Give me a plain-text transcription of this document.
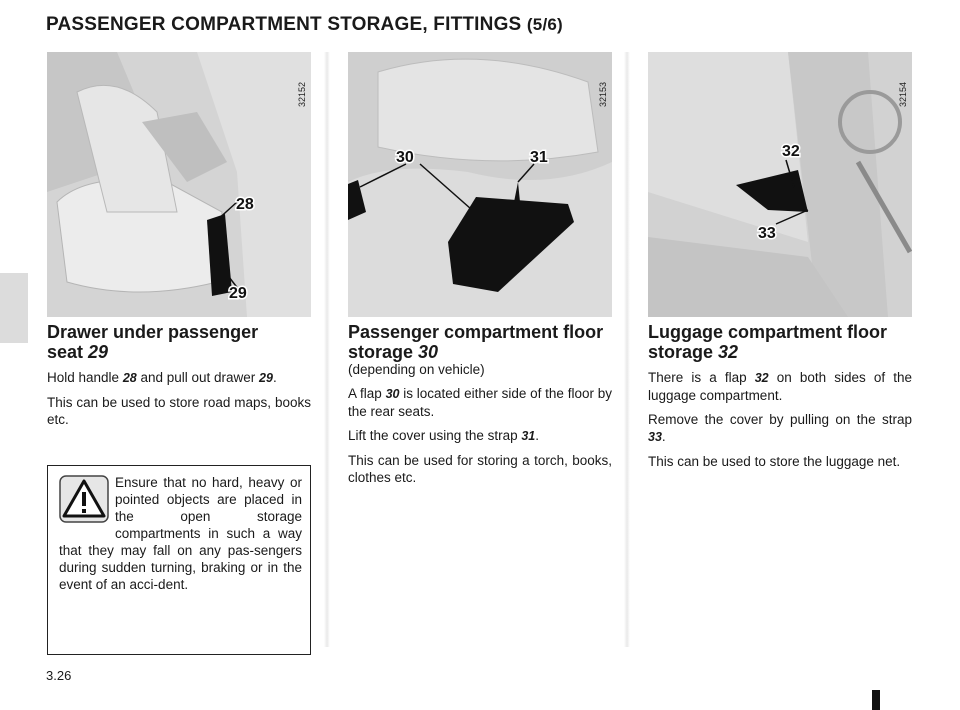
PASSENGER COMPARTMENT STORAGE, FITTINGS (5/6)
28
29
32152
30	31
32153
32
33
32154
Drawer under passenger
seat 29

Hold handle 28 and pull out drawer 29.

This can be used to store road maps, books etc.

Passenger compartment floor
storage 30

(depending on vehicle)

A flap 30 is located either side of the floor by the rear seats.

Lift the cover using the strap 31.

This can be used for storing a torch, books, clothes etc.

Luggage compartment floor
storage 32

There is a flap 32 on both sides of the luggage compartment.

Remove the cover by pulling on the strap 33.

This can be used to store the luggage net.

Ensure that no hard, heavy or pointed objects are placed in the open storage compartments in such a way that they may fall on any pas-sengers during sudden turning, braking or in the event of an acci-dent.

3.26
